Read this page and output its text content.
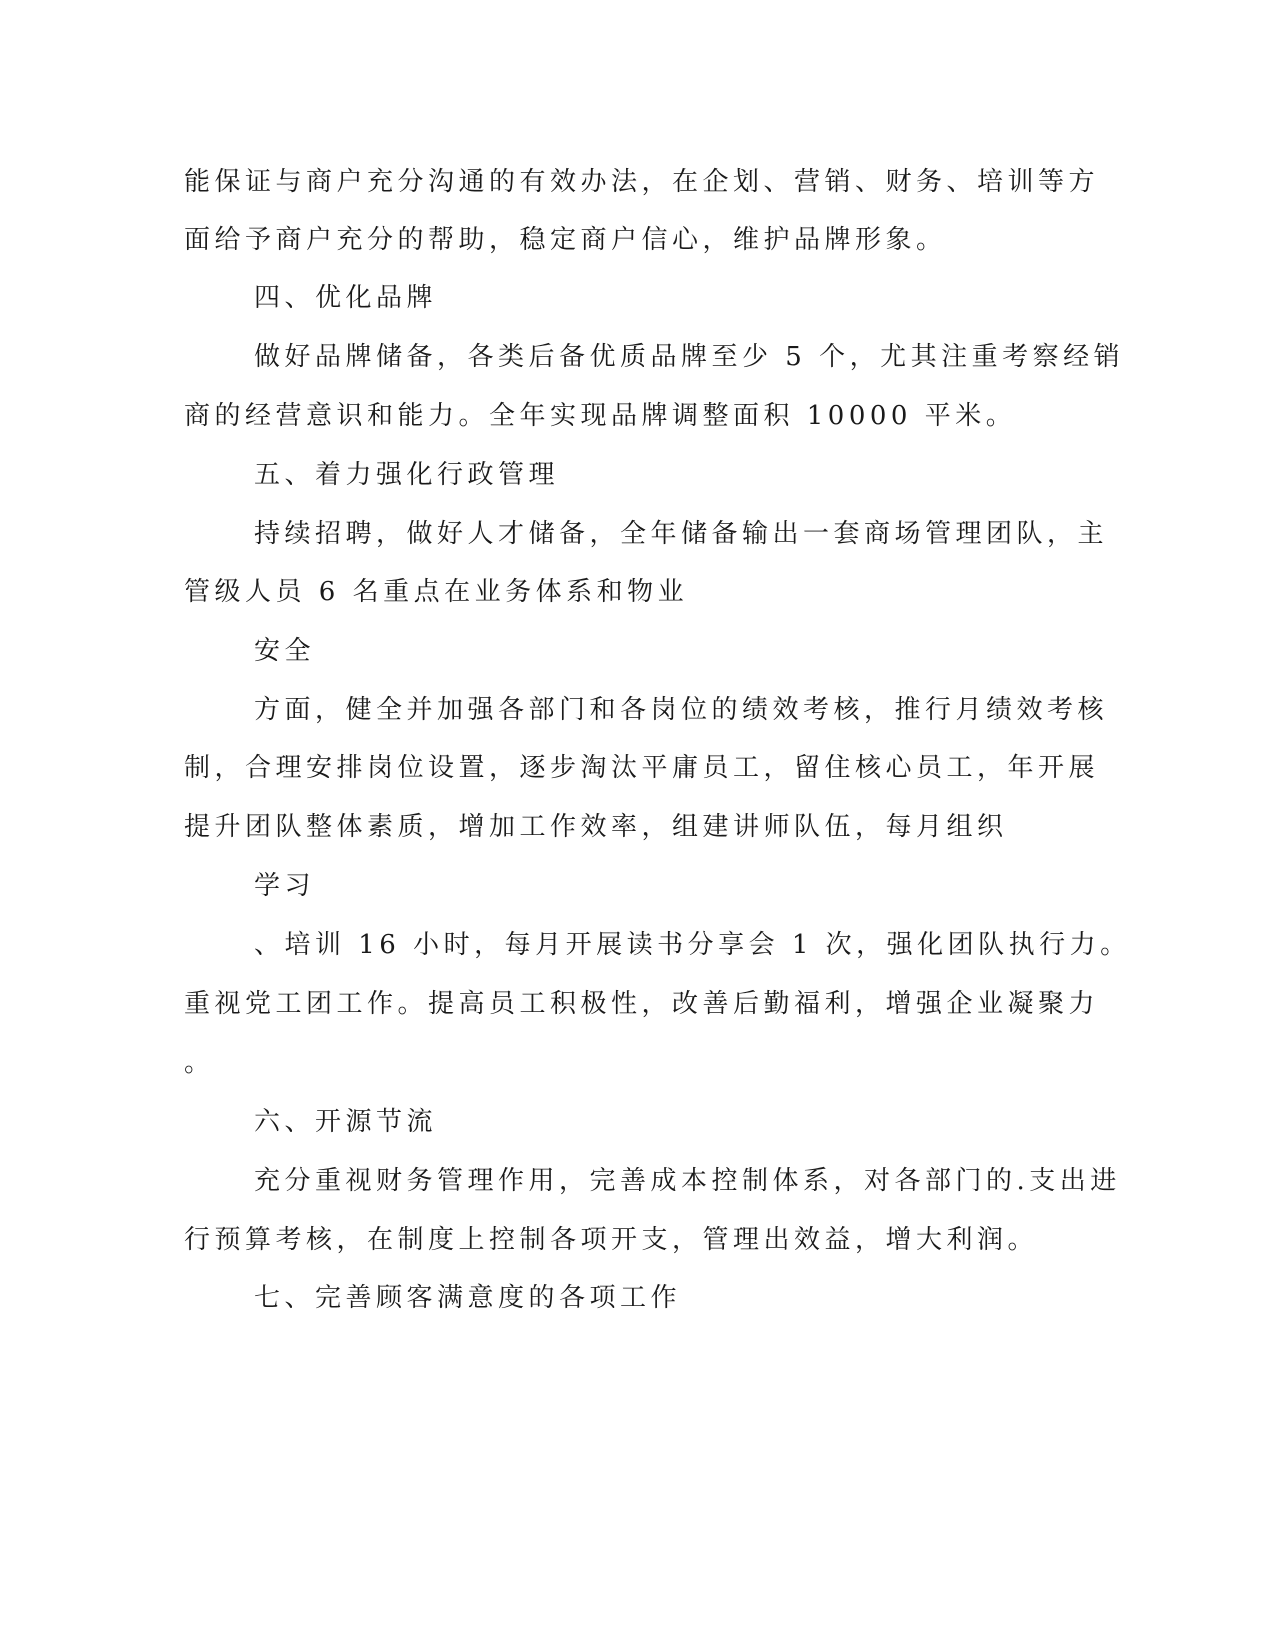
能保证与商户充分沟通的有效办法，在企划、营销、财务、培训等方
面给予商户充分的帮助，稳定商户信心，维护品牌形象。
四、优化品牌
做好品牌储备，各类后备优质品牌至少 5 个，尤其注重考察经销
商的经营意识和能力。全年实现品牌调整面积 10000 平米。
五、着力强化行政管理
持续招聘，做好人才储备，全年储备输出一套商场管理团队，主
管级人员 6 名重点在业务体系和物业
安全
方面，健全并加强各部门和各岗位的绩效考核，推行月绩效考核
制，合理安排岗位设置，逐步淘汰平庸员工，留住核心员工，年开展
提升团队整体素质，增加工作效率，组建讲师队伍，每月组织
学习
、培训 16 小时，每月开展读书分享会 1 次，强化团队执行力。
重视党工团工作。提高员工积极性，改善后勤福利，增强企业凝聚力
。
六、开源节流
充分重视财务管理作用，完善成本控制体系，对各部门的.支出进
行预算考核，在制度上控制各项开支，管理出效益，增大利润。
七、完善顾客满意度的各项工作
